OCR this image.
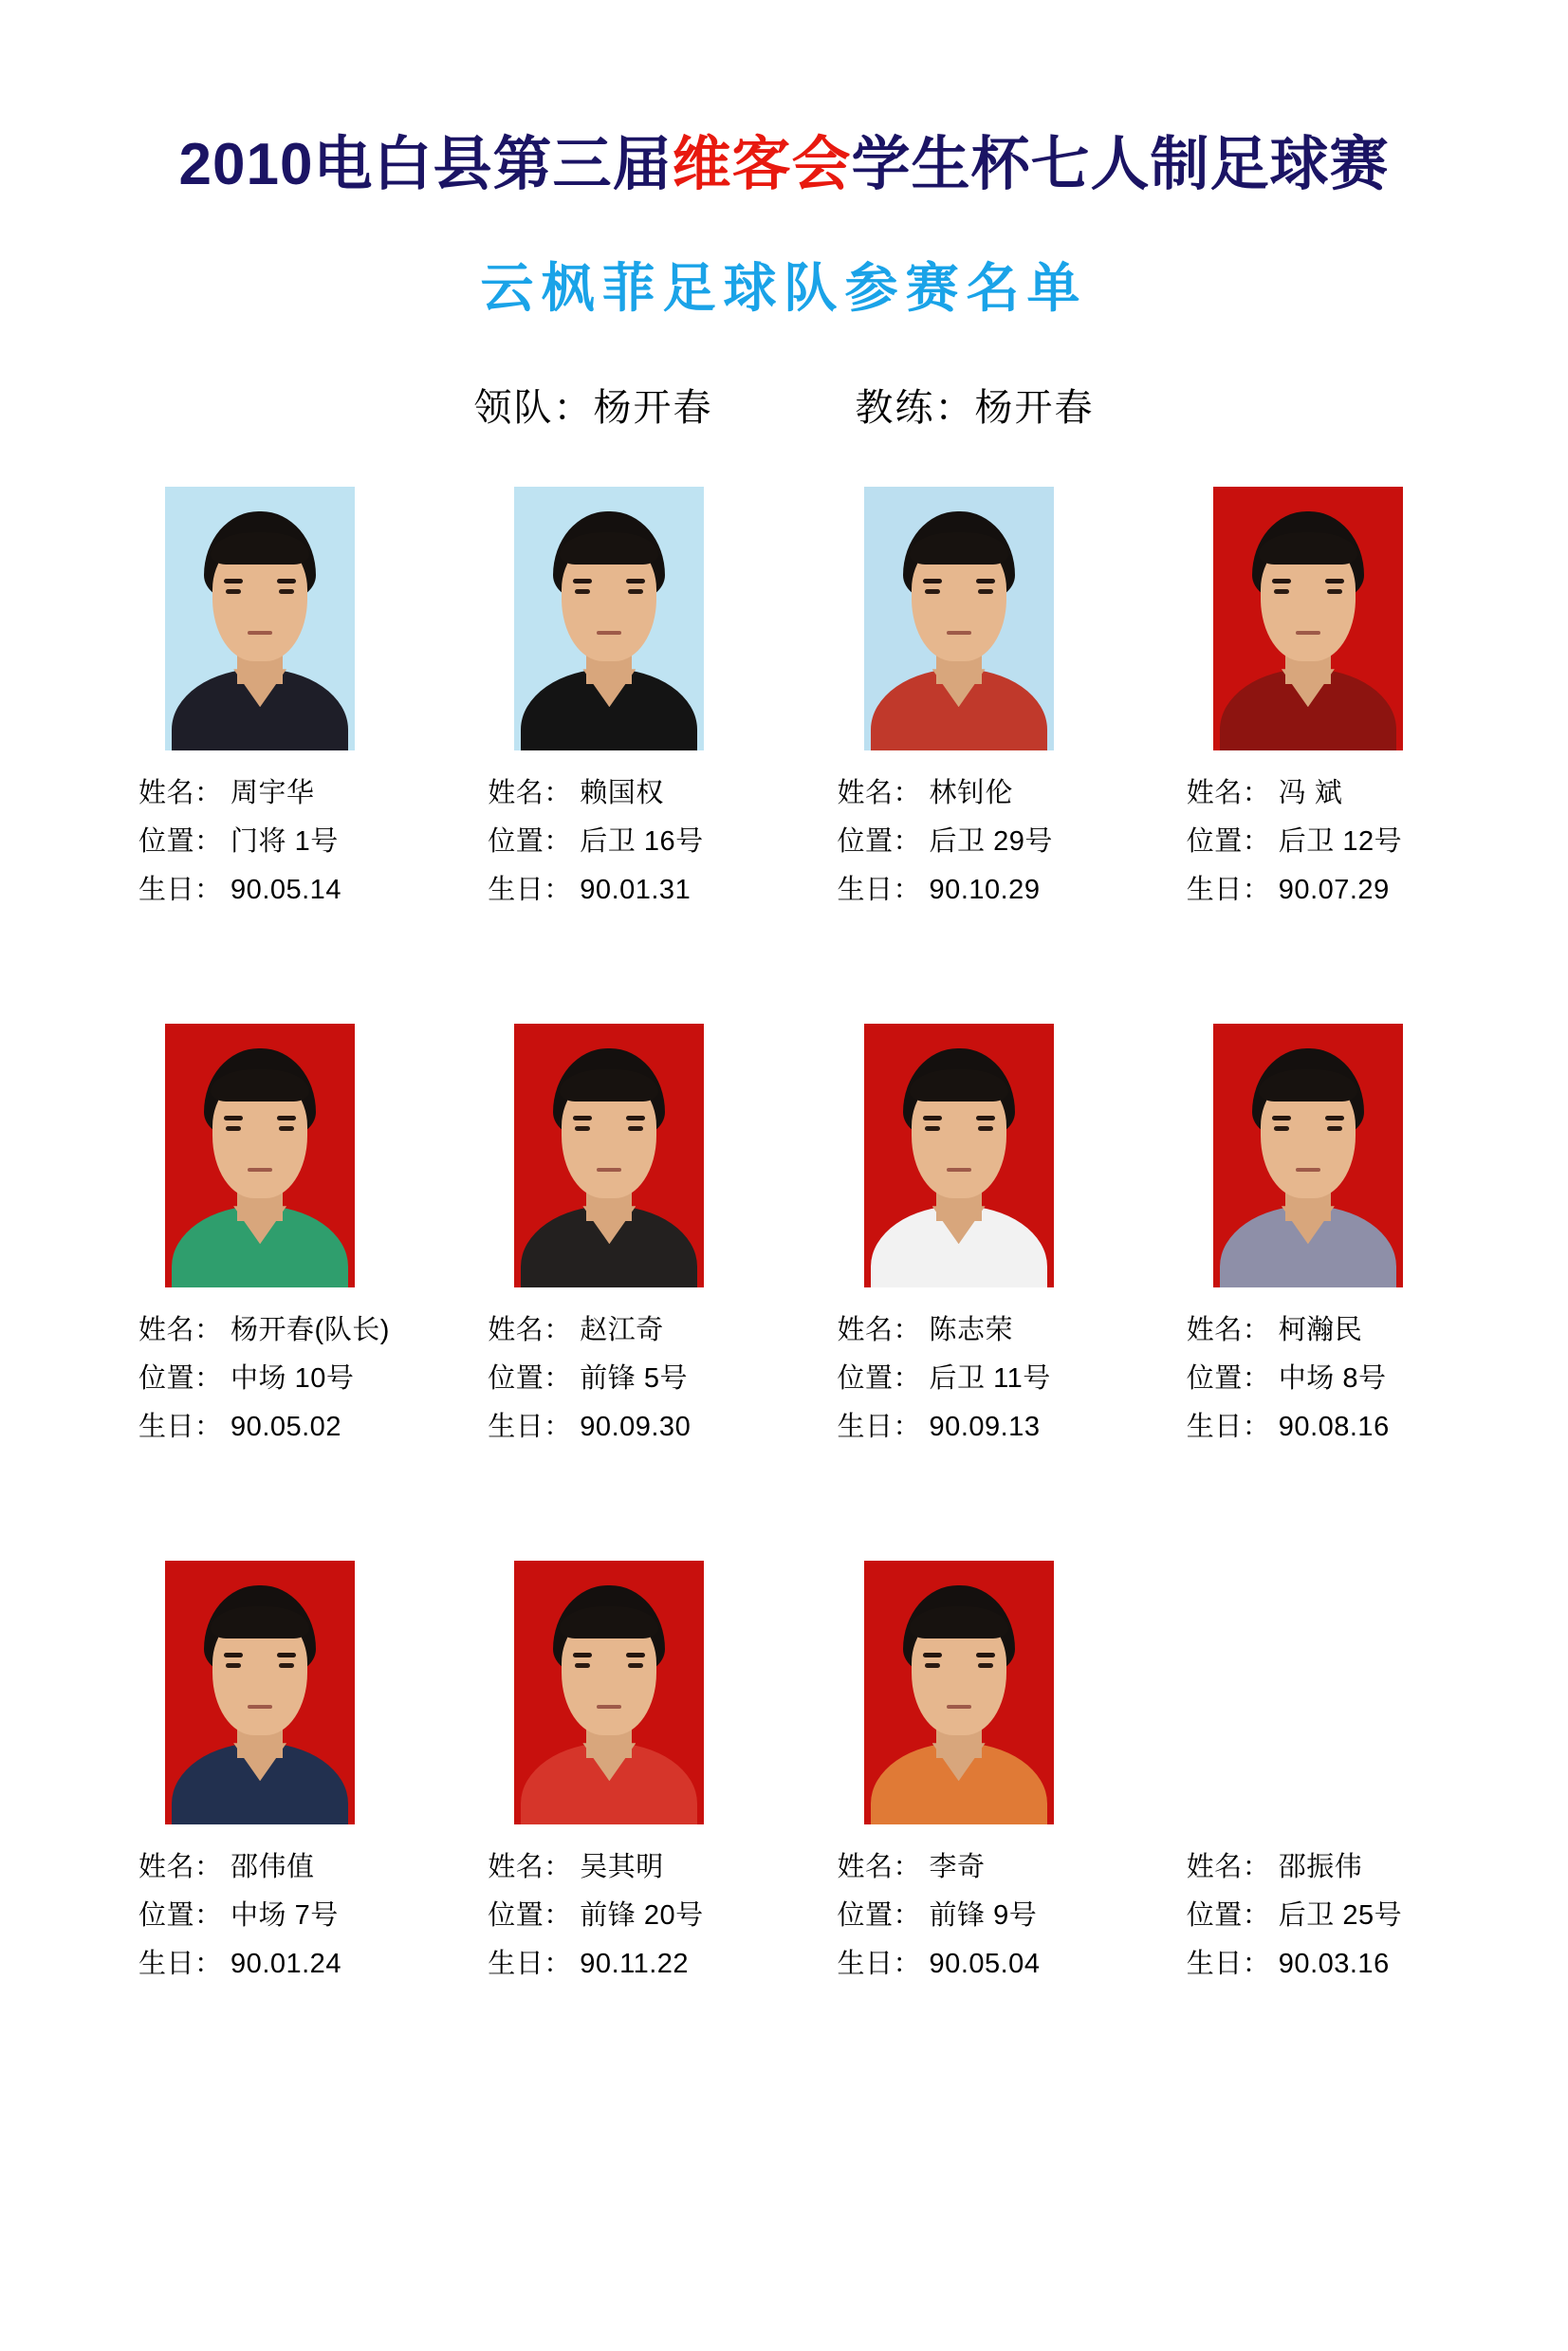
2010电白县第三届维客会学生杯七人制足球赛
云枫菲足球队参赛名单
领队：杨开春	教练：杨开春
姓名： 周宇华
位置： 门将 1号
生日： 90.05.14
姓名： 赖国权
位置： 后卫 16号
生日： 90.01.31
姓名： 林钊伦
位置： 后卫 29号
生日： 90.10.29
姓名： 冯 斌
位置： 后卫 12号
生日： 90.07.29
姓名： 杨开春(队长)
位置： 中场 10号
生日： 90.05.02
姓名： 赵江奇
位置： 前锋 5号
生日： 90.09.30
姓名： 陈志荣
位置： 后卫 11号
生日： 90.09.13
姓名： 柯瀚民
位置： 中场 8号
生日： 90.08.16
姓名： 邵伟值
位置： 中场 7号
生日： 90.01.24
姓名： 吴其明
位置： 前锋 20号
生日： 90.11.22
姓名： 李奇
位置： 前锋 9号
生日： 90.05.04
姓名： 邵振伟
位置： 后卫 25号
生日： 90.03.16
